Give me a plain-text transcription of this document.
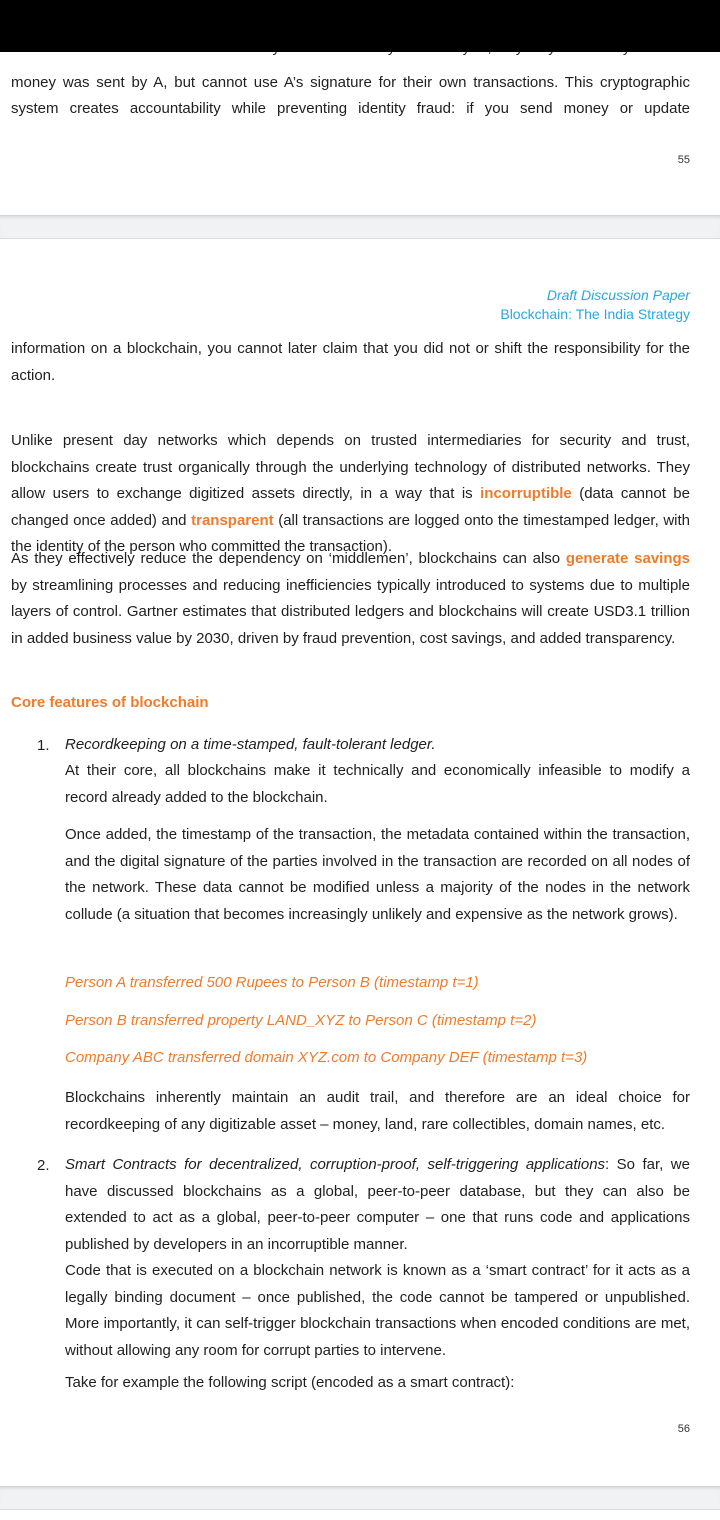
money was sent by A, but cannot use A’s signature for their own transactions. This cryptographic
system creates accountability while preventing identity fraud: if you send money or update
55
Draft Discussion Paper
Blockchain: The India Strategy
information on a blockchain, you cannot later claim that you did not or shift the responsibility for the action.
Unlike present day networks which depends on trusted intermediaries for security and trust, blockchains create trust organically through the underlying technology of distributed networks. They allow users to exchange digitized assets directly, in a way that is incorruptible (data cannot be changed once added) and transparent (all transactions are logged onto the timestamped ledger, with the identity of the person who committed the transaction).
As they effectively reduce the dependency on ‘middlemen’, blockchains can also generate savings by streamlining processes and reducing inefficiencies typically introduced to systems due to multiple layers of control. Gartner estimates that distributed ledgers and blockchains will create USD3.1 trillion in added business value by 2030, driven by fraud prevention, cost savings, and added transparency.
Core features of blockchain
1. Recordkeeping on a time-stamped, fault-tolerant ledger.
At their core, all blockchains make it technically and economically infeasible to modify a record already added to the blockchain.
Once added, the timestamp of the transaction, the metadata contained within the transaction, and the digital signature of the parties involved in the transaction are recorded on all nodes of the network. These data cannot be modified unless a majority of the nodes in the network collude (a situation that becomes increasingly unlikely and expensive as the network grows).
Person A transferred 500 Rupees to Person B (timestamp t=1)
Person B transferred property LAND_XYZ to Person C (timestamp t=2)
Company ABC transferred domain XYZ.com to Company DEF (timestamp t=3)
Blockchains inherently maintain an audit trail, and therefore are an ideal choice for recordkeeping of any digitizable asset – money, land, rare collectibles, domain names, etc.
2. Smart Contracts for decentralized, corruption-proof, self-triggering applications: So far, we have discussed blockchains as a global, peer-to-peer database, but they can also be extended to act as a global, peer-to-peer computer – one that runs code and applications published by developers in an incorruptible manner.
Code that is executed on a blockchain network is known as a ‘smart contract’ for it acts as a legally binding document – once published, the code cannot be tampered or unpublished. More importantly, it can self-trigger blockchain transactions when encoded conditions are met, without allowing any room for corrupt parties to intervene.
Take for example the following script (encoded as a smart contract):
56
